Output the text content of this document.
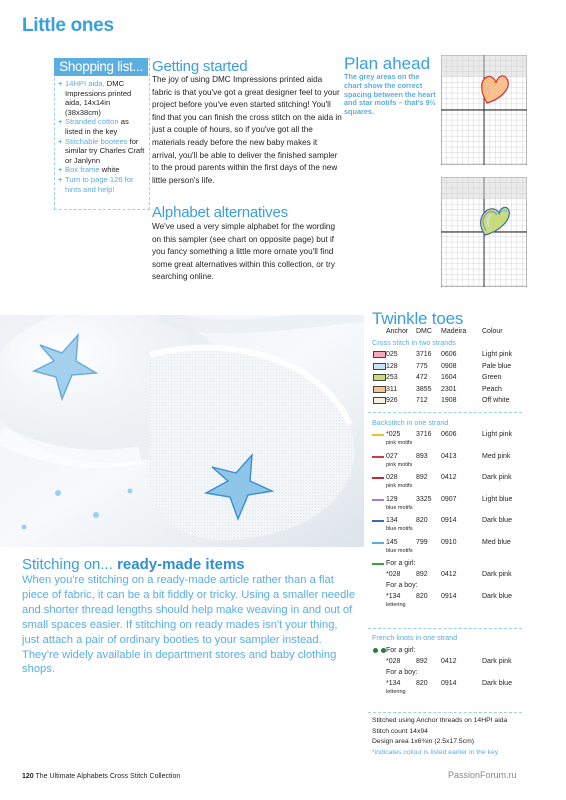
Little ones
Shopping list...
+ 14HPI aida, DMC Impressions printed aida, 14x14in (38x38cm)
+ Stranded cotton as listed in the key
+ Stitchable bootees for similar try Charles Craft or Janlynn
+ Box frame white
+ Turn to page 126 for hints and help!
Getting started
The joy of using DMC Impressions printed aida fabric is that you've got a great designer feel to your project before you've even started stitching! You'll find that you can finish the cross stitch on the aida in just a couple of hours, so if you've got all the materials ready before the new baby makes it arrival, you'll be able to deliver the finished sampler to the proud parents within the first days of the new little person's life.
Alphabet alternatives
We've used a very simple alphabet for the wording on this sampler (see chart on opposite page) but if you fancy something a little more ornate you'll find some great alternatives within this collection, or try searching online.
Plan ahead
The grey areas on the chart show the correct spacing between the heart and star motifs – that's 9½ squares.
Stitching on... ready-made items
When you're stitching on a ready-made article rather than a flat piece of fabric, it can be a bit fiddly or tricky. Using a smaller needle and shorter thread lengths should help make weaving in and out of small spaces easier. If stitching on ready mades isn't your thing, just attach a pair of ordinary booties to your sampler instead. They're widely available in department stores and baby clothing shops.
Twinkle toes
Anchor DMC Madeira Colour
Cross stitch in two strands
025	3716 0606	Light pink
128	775 0908	Pale blue
253	472 1604	Green
311	3855 2301	Peach
926	712 1908	Off white
Backstitch in one strand
*025 3716 0606	Light pink
pink motifs
027	893 0413	Med pink
pink motifs
028	892 0412	Dark pink
pink motifs
129	3325 0907	Light blue
blue motifs
134	820 0914	Dark blue
blue motifs
145	799 0910	Med blue
blue motifs
For a girl:
*028 892 0412	Dark pink
For a boy:
*134 820 0914	Dark blue
lettering
French knots in one strand
For a girl:
*028 892 0412	Dark pink
For a boy:
*134 820 0914	Dark blue
lettering
Stitched using Anchor threads on 14HPI aida
Stitch count 14x94
Design area 1x6¾in (2.5x17.5cm)
*indicates colour is listed earlier in the key
120 The Ultimate Alphabets Cross Stitch Collection	PassionForum.ru
